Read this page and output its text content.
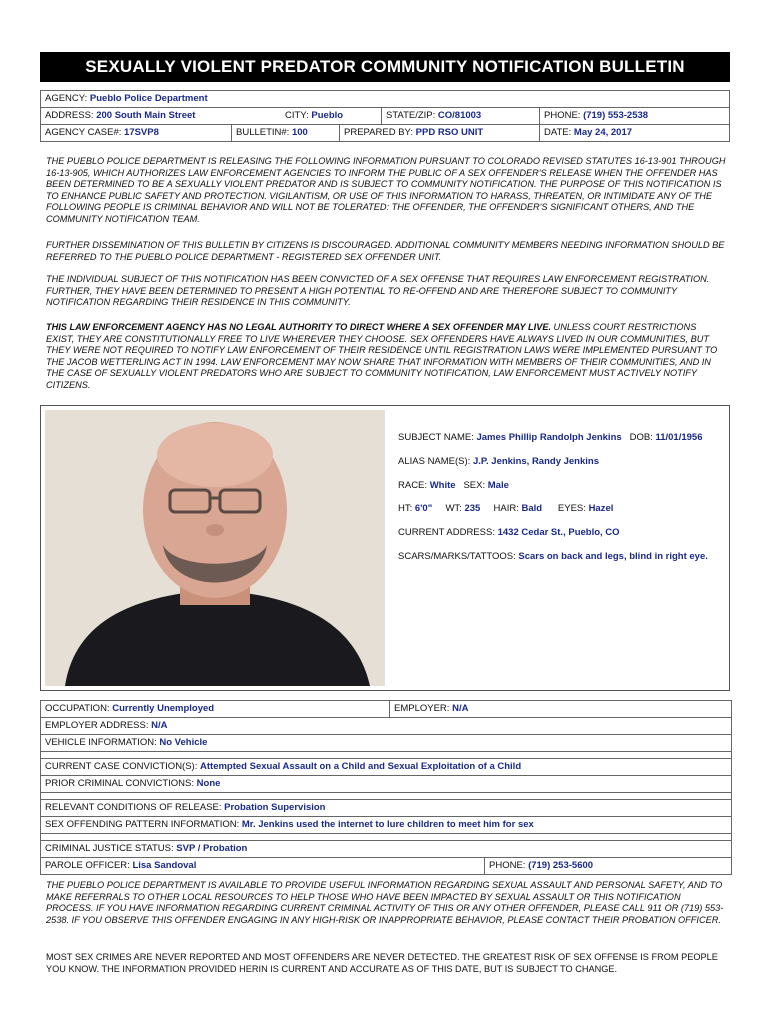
SEXUALLY VIOLENT PREDATOR COMMUNITY NOTIFICATION BULLETIN
AGENCY: Pueblo Police Department
ADDRESS: 200 South Main Street	CITY: Pueblo	STATE/ZIP: CO/81003	PHONE: (719) 553-2538
AGENCY CASE#: 17SVP8	BULLETIN#: 100	PREPARED BY: PPD RSO UNIT	DATE: May 24, 2017
THE PUEBLO POLICE DEPARTMENT IS RELEASING THE FOLLOWING INFORMATION PURSUANT TO COLORADO REVISED STATUTES 16-13-901 THROUGH 16-13-905, WHICH AUTHORIZES LAW ENFORCEMENT AGENCIES TO INFORM THE PUBLIC OF A SEX OFFENDER'S RELEASE WHEN THE OFFENDER HAS BEEN DETERMINED TO BE A SEXUALLY VIOLENT PREDATOR AND IS SUBJECT TO COMMUNITY NOTIFICATION. THE PURPOSE OF THIS NOTIFICATION IS TO ENHANCE PUBLIC SAFETY AND PROTECTION. VIGILANTISM, OR USE OF THIS INFORMATION TO HARASS, THREATEN, OR INTIMIDATE ANY OF THE FOLLOWING PEOPLE IS CRIMINAL BEHAVIOR AND WILL NOT BE TOLERATED: THE OFFENDER, THE OFFENDER'S SIGNIFICANT OTHERS, AND THE COMMUNITY NOTIFICATION TEAM.
FURTHER DISSEMINATION OF THIS BULLETIN BY CITIZENS IS DISCOURAGED. ADDITIONAL COMMUNITY MEMBERS NEEDING INFORMATION SHOULD BE REFERRED TO THE PUEBLO POLICE DEPARTMENT - REGISTERED SEX OFFENDER UNIT.
THE INDIVIDUAL SUBJECT OF THIS NOTIFICATION HAS BEEN CONVICTED OF A SEX OFFENSE THAT REQUIRES LAW ENFORCEMENT REGISTRATION. FURTHER, THEY HAVE BEEN DETERMINED TO PRESENT A HIGH POTENTIAL TO RE-OFFEND AND ARE THEREFORE SUBJECT TO COMMUNITY NOTIFICATION REGARDING THEIR RESIDENCE IN THIS COMMUNITY.
THIS LAW ENFORCEMENT AGENCY HAS NO LEGAL AUTHORITY TO DIRECT WHERE A SEX OFFENDER MAY LIVE. UNLESS COURT RESTRICTIONS EXIST, THEY ARE CONSTITUTIONALLY FREE TO LIVE WHEREVER THEY CHOOSE. SEX OFFENDERS HAVE ALWAYS LIVED IN OUR COMMUNITIES, BUT THEY WERE NOT REQUIRED TO NOTIFY LAW ENFORCEMENT OF THEIR RESIDENCE UNTIL REGISTRATION LAWS WERE IMPLEMENTED PURSUANT TO THE JACOB WETTERLING ACT IN 1994. LAW ENFORCEMENT MAY NOW SHARE THAT INFORMATION WITH MEMBERS OF THEIR COMMUNITIES, AND IN THE CASE OF SEXUALLY VIOLENT PREDATORS WHO ARE SUBJECT TO COMMUNITY NOTIFICATION, LAW ENFORCEMENT MUST ACTIVELY NOTIFY CITIZENS.
SUBJECT NAME: James Phillip Randolph Jenkins DOB: 11/01/1956
ALIAS NAME(S): J.P. Jenkins, Randy Jenkins
RACE: White SEX: Male
HT: 6'0" WT: 235 HAIR: Bald EYES: Hazel
CURRENT ADDRESS: 1432 Cedar St., Pueblo, CO
SCARS/MARKS/TATTOOS: Scars on back and legs, blind in right eye.
OCCUPATION: Currently Unemployed	EMPLOYER: N/A
EMPLOYER ADDRESS: N/A
VEHICLE INFORMATION: No Vehicle
CURRENT CASE CONVICTION(S): Attempted Sexual Assault on a Child and Sexual Exploitation of a Child
PRIOR CRIMINAL CONVICTIONS: None
RELEVANT CONDITIONS OF RELEASE: Probation Supervision
SEX OFFENDING PATTERN INFORMATION: Mr. Jenkins used the internet to lure children to meet him for sex
CRIMINAL JUSTICE STATUS: SVP / Probation
PAROLE OFFICER: Lisa Sandoval	PHONE: (719) 253-5600
THE PUEBLO POLICE DEPARTMENT IS AVAILABLE TO PROVIDE USEFUL INFORMATION REGARDING SEXUAL ASSAULT AND PERSONAL SAFETY, AND TO MAKE REFERRALS TO OTHER LOCAL RESOURCES TO HELP THOSE WHO HAVE BEEN IMPACTED BY SEXUAL ASSAULT OR THIS NOTIFICATION PROCESS. IF YOU HAVE INFORMATION REGARDING CURRENT CRIMINAL ACTIVITY OF THIS OR ANY OTHER OFFENDER, PLEASE CALL 911 OR (719) 553-2538. IF YOU OBSERVE THIS OFFENDER ENGAGING IN ANY HIGH-RISK OR INAPPROPRIATE BEHAVIOR, PLEASE CONTACT THEIR PROBATION OFFICER.
MOST SEX CRIMES ARE NEVER REPORTED AND MOST OFFENDERS ARE NEVER DETECTED. THE GREATEST RISK OF SEX OFFENSE IS FROM PEOPLE YOU KNOW. THE INFORMATION PROVIDED HERIN IS CURRENT AND ACCURATE AS OF THIS DATE, BUT IS SUBJECT TO CHANGE.
